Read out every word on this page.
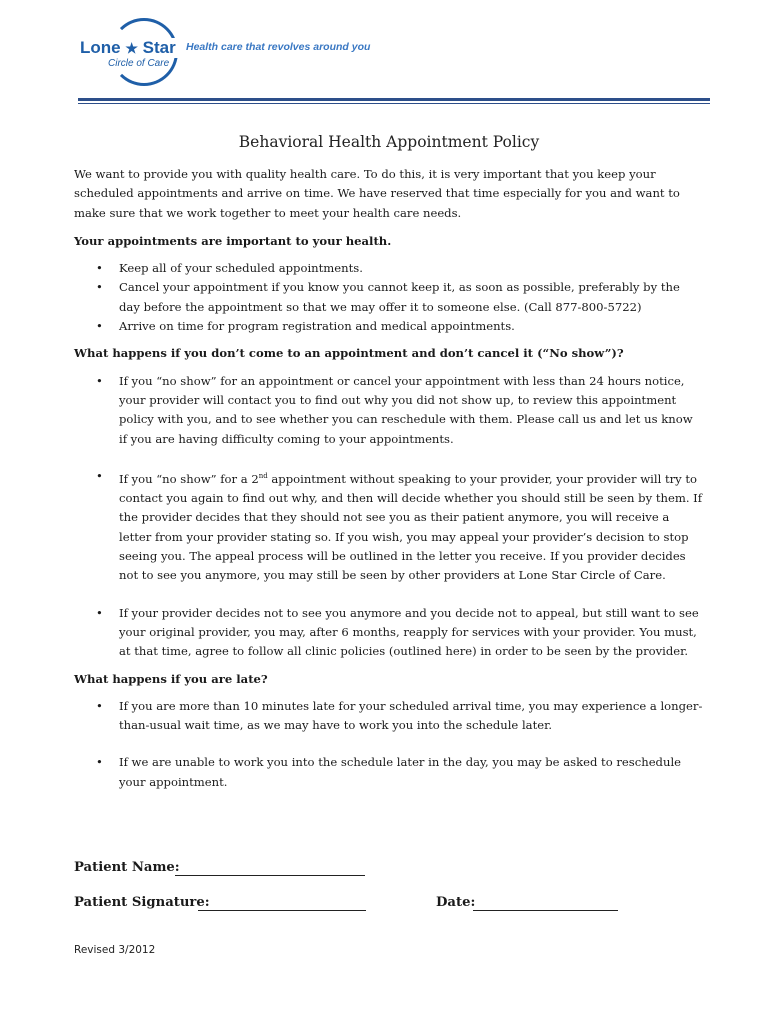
Lone ★ Star
Circle of Care
Health care that revolves around you
Behavioral Health Appointment Policy

We want to provide you with quality health care. To do this, it is very important that you keep your scheduled appointments and arrive on time. We have reserved that time especially for you and want to make sure that we work together to meet your health care needs.

Your appointments are important to your health.
• Keep all of your scheduled appointments.
• Cancel your appointment if you know you cannot keep it, as soon as possible, preferably by the day before the appointment so that we may offer it to someone else. (Call 877-800-5722)
• Arrive on time for program registration and medical appointments.
What happens if you don’t come to an appointment and don’t cancel it (“No show”)?
• If you “no show” for an appointment or cancel your appointment with less than 24 hours notice, your provider will contact you to find out why you did not show up, to review this appointment policy with you, and to see whether you can reschedule with them. Please call us and let us know if you are having difficulty coming to your appointments.
• If you “no show” for a 2nd appointment without speaking to your provider, your provider will try to contact you again to find out why, and then will decide whether you should still be seen by them. If the provider decides that they should not see you as their patient anymore, you will receive a letter from your provider stating so. If you wish, you may appeal your provider’s decision to stop seeing you. The appeal process will be outlined in the letter you receive. If you provider decides not to see you anymore, you may still be seen by other providers at Lone Star Circle of Care.
• If your provider decides not to see you anymore and you decide not to appeal, but still want to see your original provider, you may, after 6 months, reapply for services with your provider. You must, at that time, agree to follow all clinic policies (outlined here) in order to be seen by the provider.
What happens if you are late?
• If you are more than 10 minutes late for your scheduled arrival time, you may experience a longer-than-usual wait time, as we may have to work you into the schedule later.
• If we are unable to work you into the schedule later in the day, you may be asked to reschedule your appointment.
Patient Name:
Patient Signature:	Date:
Revised 3/2012
